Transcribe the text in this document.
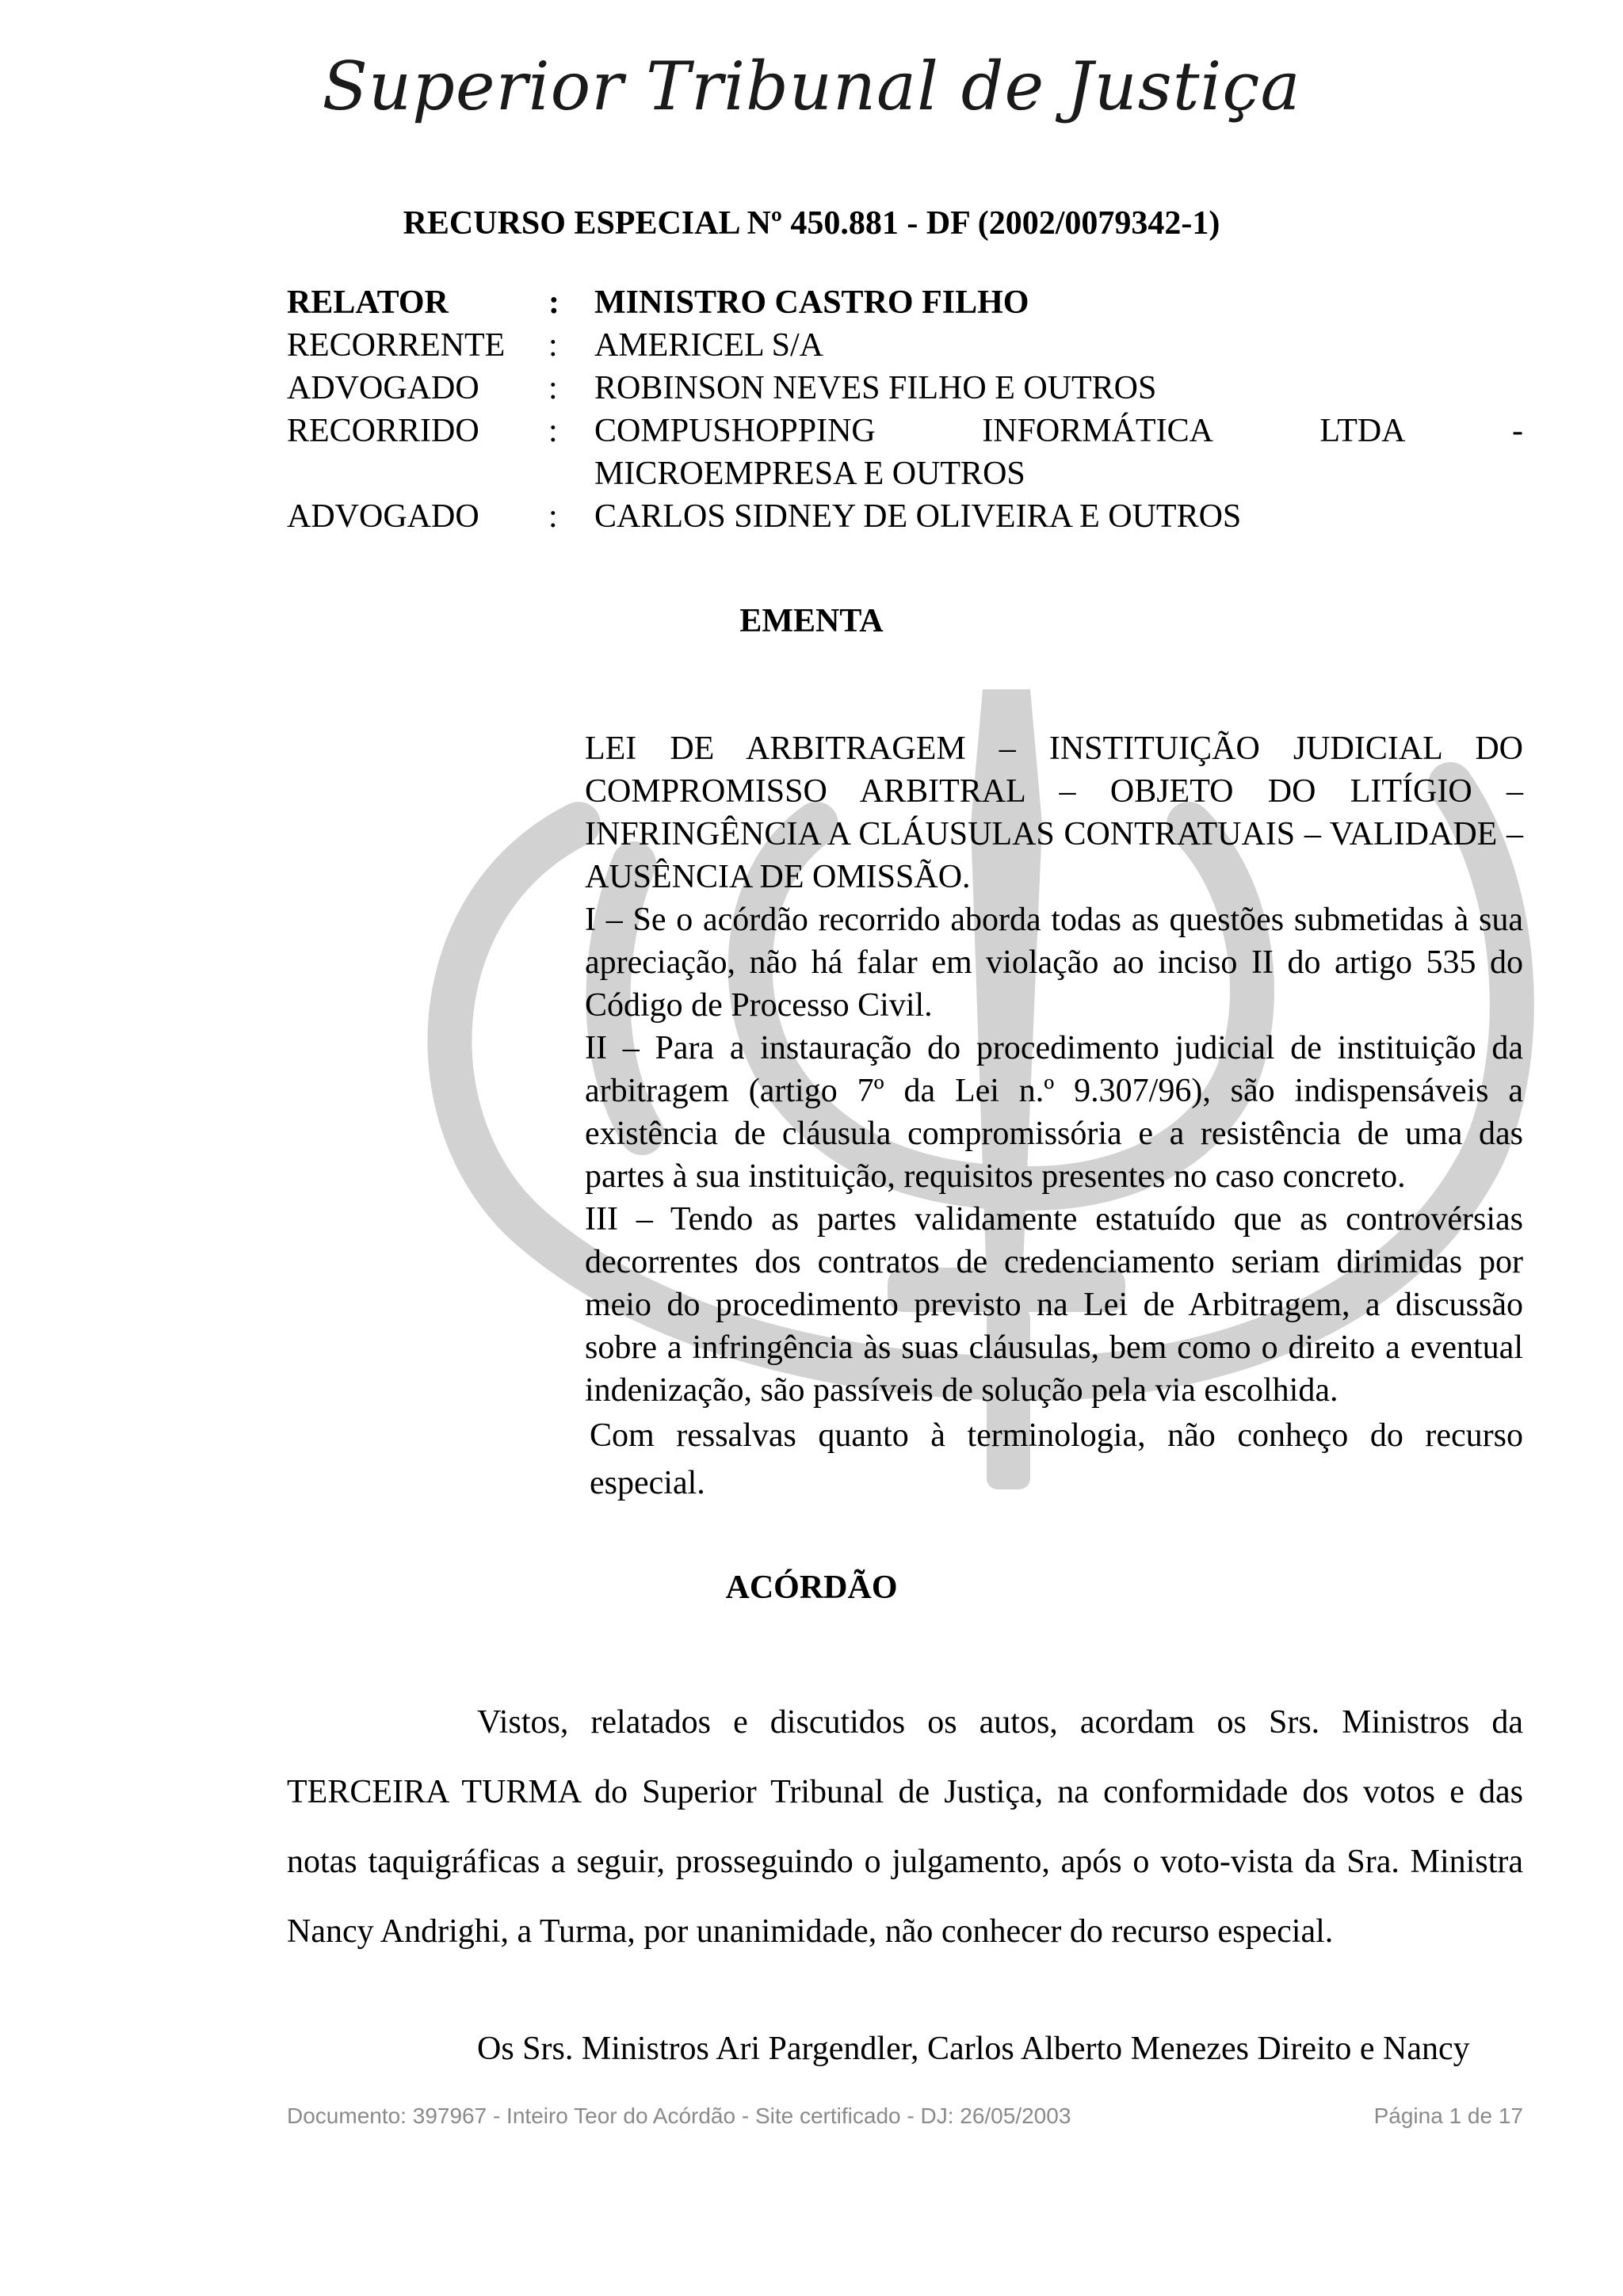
Superior Tribunal de Justiça
RECURSO ESPECIAL Nº 450.881 - DF (2002/0079342-1)
RELATOR	:	MINISTRO CASTRO FILHO
RECORRENTE	:	AMERICEL S/A
ADVOGADO	:	ROBINSON NEVES FILHO E OUTROS
RECORRIDO	:	COMPUSHOPPING	INFORMÁTICA	LTDA	-
MICROEMPRESA E OUTROS
ADVOGADO	:	CARLOS SIDNEY DE OLIVEIRA E OUTROS
EMENTA

LEI DE ARBITRAGEM – INSTITUIÇÃO JUDICIAL DO COMPROMISSO ARBITRAL – OBJETO DO LITÍGIO – INFRINGÊNCIA A CLÁUSULAS CONTRATUAIS – VALIDADE – AUSÊNCIA DE OMISSÃO.

I – Se o acórdão recorrido aborda todas as questões submetidas à sua apreciação, não há falar em violação ao inciso II do artigo 535 do Código de Processo Civil.

II – Para a instauração do procedimento judicial de instituição da arbitragem (artigo 7º da Lei n.º 9.307/96), são indispensáveis a existência de cláusula compromissória e a resistência de uma das partes à sua instituição, requisitos presentes no caso concreto.

III – Tendo as partes validamente estatuído que as controvérsias decorrentes dos contratos de credenciamento seriam dirimidas por meio do procedimento previsto na Lei de Arbitragem, a discussão sobre a infringência às suas cláusulas, bem como o direito a eventual indenização, são passíveis de solução pela via escolhida.

Com ressalvas quanto à terminologia, não conheço do recurso especial.

ACÓRDÃO

Vistos, relatados e discutidos os autos, acordam os Srs. Ministros da TERCEIRA TURMA do Superior Tribunal de Justiça, na conformidade dos votos e das notas taquigráficas a seguir, prosseguindo o julgamento, após o voto-vista da Sra. Ministra Nancy Andrighi, a Turma, por unanimidade, não conhecer do recurso especial.

Os Srs. Ministros Ari Pargendler, Carlos Alberto Menezes Direito e Nancy

Documento: 397967 - Inteiro Teor do Acórdão - Site certificado - DJ: 26/05/2003	Página 1 de 17
